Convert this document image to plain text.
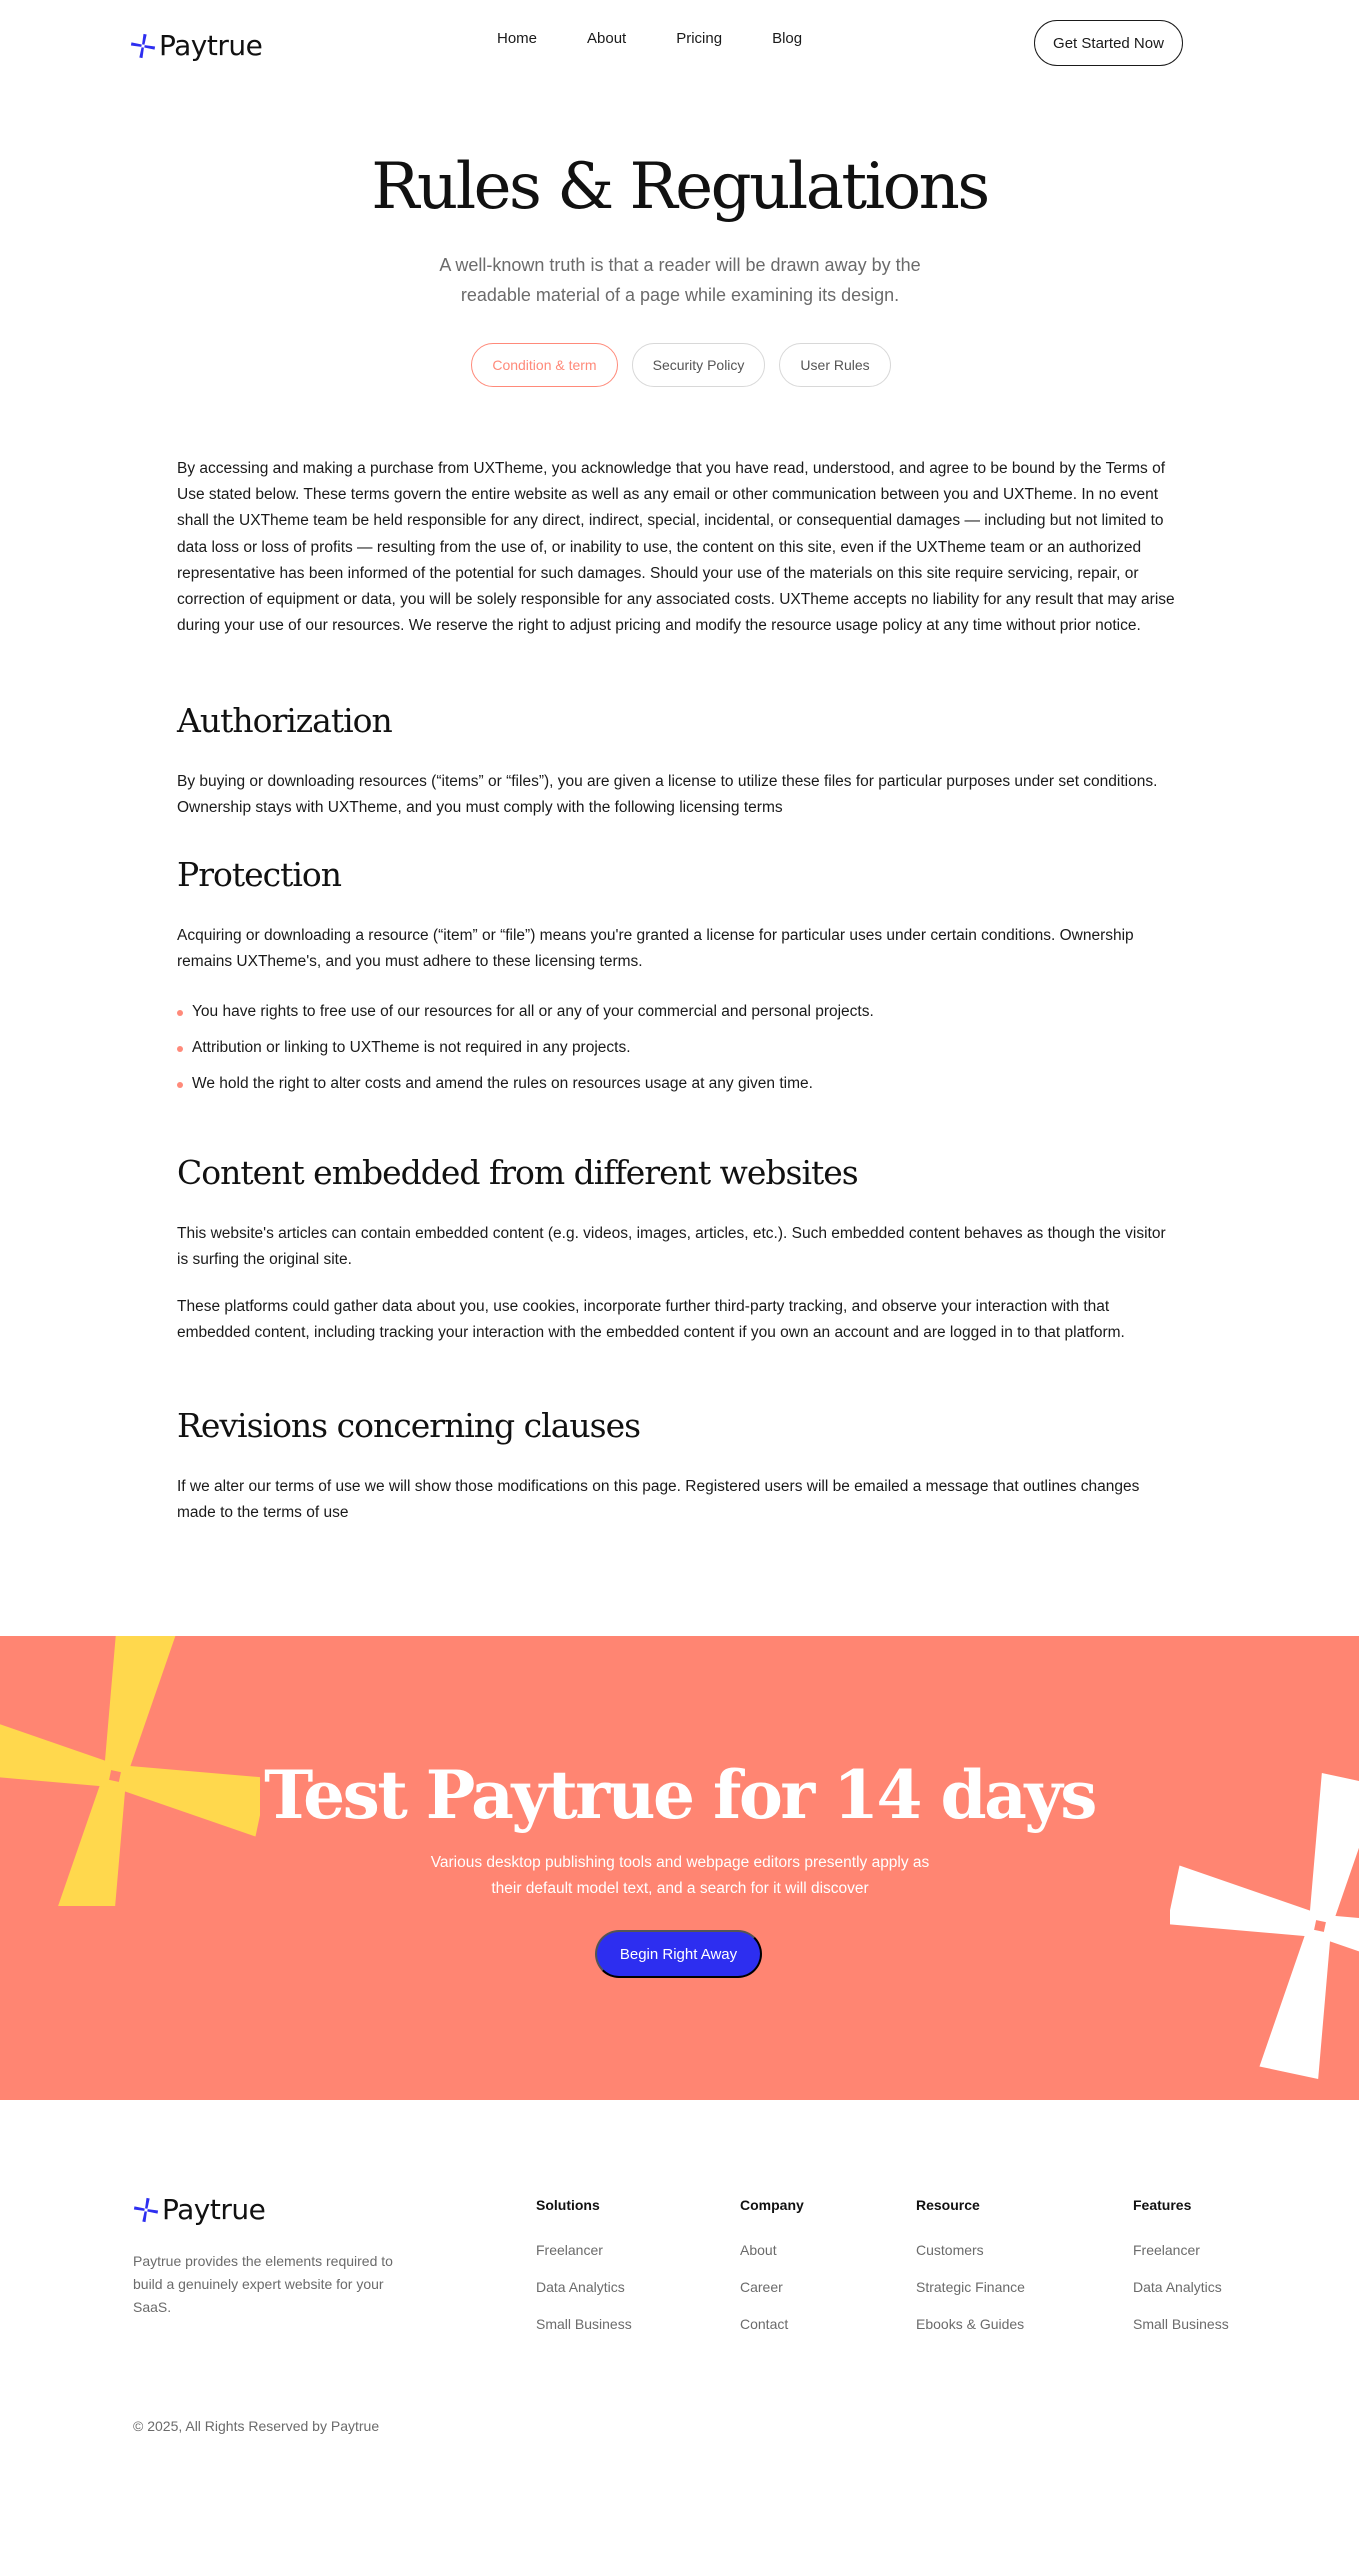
Paytrue	Home	About	Pricing	Blog	Get Started Now
Rules & Regulations

A well-known truth is that a reader will be drawn away by the readable material of a page while examining its design.

Condition & term	Security Policy	User Rules

By accessing and making a purchase from UXTheme, you acknowledge that you have read, understood, and agree to be bound by the Terms of Use stated below. These terms govern the entire website as well as any email or other communication between you and UXTheme. In no event shall the UXTheme team be held responsible for any direct, indirect, special, incidental, or consequential damages — including but not limited to data loss or loss of profits — resulting from the use of, or inability to use, the content on this site, even if the UXTheme team or an authorized representative has been informed of the potential for such damages. Should your use of the materials on this site require servicing, repair, or correction of equipment or data, you will be solely responsible for any associated costs. UXTheme accepts no liability for any result that may arise during your use of our resources. We reserve the right to adjust pricing and modify the resource usage policy at any time without prior notice.

Authorization

By buying or downloading resources (“items” or “files”), you are given a license to utilize these files for particular purposes under set conditions. Ownership stays with UXTheme, and you must comply with the following licensing terms

Protection

Acquiring or downloading a resource (“item” or “file”) means you're granted a license for particular uses under certain conditions. Ownership remains UXTheme's, and you must adhere to these licensing terms.

You have rights to free use of our resources for all or any of your commercial and personal projects.
Attribution or linking to UXTheme is not required in any projects.
We hold the right to alter costs and amend the rules on resources usage at any given time.
Content embedded from different websites

This website's articles can contain embedded content (e.g. videos, images, articles, etc.). Such embedded content behaves as though the visitor is surfing the original site.

These platforms could gather data about you, use cookies, incorporate further third-party tracking, and observe your interaction with that embedded content, including tracking your interaction with the embedded content if you own an account and are logged in to that platform.

Revisions concerning clauses

If we alter our terms of use we will show those modifications on this page. Registered users will be emailed a message that outlines changes made to the terms of use

Test Paytrue for 14 days

Various desktop publishing tools and webpage editors presently apply as their default model text, and a search for it will discover

Begin Right Away
Paytrue

Paytrue provides the elements required to build a genuinely expert website for your SaaS.

Solutions
Freelancer
Data Analytics
Small Business
Company
About
Career
Contact
Resource
Customers
Strategic Finance
Ebooks & Guides
Features
Freelancer
Data Analytics
Small Business

© 2025, All Rights Reserved by Paytrue
